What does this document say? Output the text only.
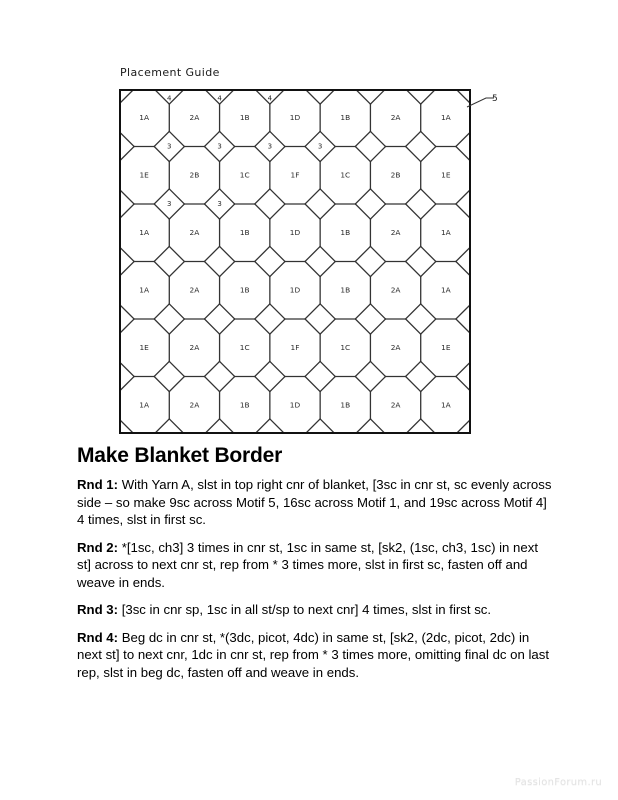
Placement Guide
1A	2A	1B	1D	1B	2A	1A
1E	2B	1C	1F	1C	2B	1E
1A	2A	1B	1D	1B	2A	1A
1A	2A	1B	1D	1B	2A	1A
1E	2A	1C	1F	1C	2A	1E
1A	2A	1B	1D	1B	2A	1A
4	4	4
3	3	3	3
3	3
5
Make Blanket Border

Rnd 1: With Yarn A, slst in top right cnr of blanket, [3sc in cnr st, sc evenly across side – so make 9sc across Motif 5, 16sc across Motif 1, and 19sc across Motif 4] 4 times, slst in first sc.

Rnd 2: *[1sc, ch3] 3 times in cnr st, 1sc in same st, [sk2, (1sc, ch3, 1sc) in next st] across to next cnr st, rep from * 3 times more, slst in first sc, fasten off and weave in ends.

Rnd 3: [3sc in cnr sp, 1sc in all st/sp to next cnr] 4 times, slst in first sc.

Rnd 4: Beg dc in cnr st, *(3dc, picot, 4dc) in same st, [sk2, (2dc, picot, 2dc) in next st] to next cnr, 1dc in cnr st, rep from * 3 times more, omitting final dc on last rep, slst in beg dc, fasten off and weave in ends.

PassionForum.ru
